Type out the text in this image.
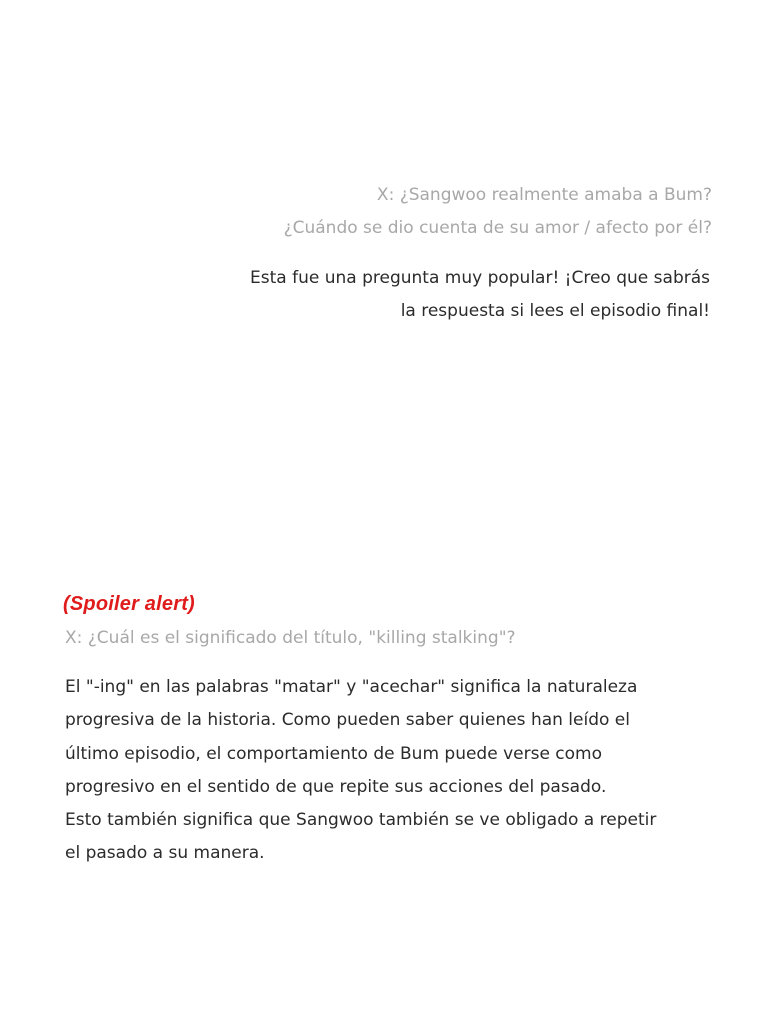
X: ¿Sangwoo realmente amaba a Bum?
¿Cuándo se dio cuenta de su amor / afecto por él?
Esta fue una pregunta muy popular! ¡Creo que sabrás
la respuesta si lees el episodio final!
(Spoiler alert)
X: ¿Cuál es el significado del título, "killing stalking"?
El "-ing" en las palabras "matar" y "acechar" significa la naturaleza
progresiva de la historia. Como pueden saber quienes han leído el
último episodio, el comportamiento de Bum puede verse como
progresivo en el sentido de que repite sus acciones del pasado.
Esto también significa que Sangwoo también se ve obligado a repetir
el pasado a su manera.
